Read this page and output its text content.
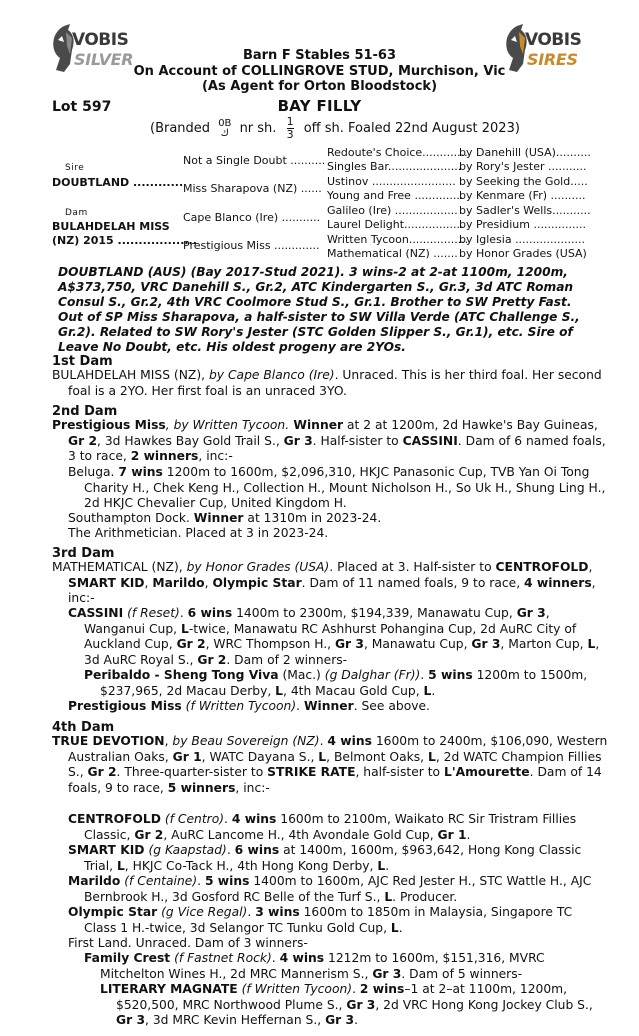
VOBIS
SILVER
VOBIS
SIRES
Barn F Stables 51-63
On Account of COLLINGROVE STUD, Murchison, Vic
(As Agent for Orton Bloodstock)
Lot 597	BAY FILLY
(Branded 0B
ك nr sh. $\frac{1}{3}$ off sh. Foaled 22nd August 2023)
Sire
DOUBTLAND ............
Dam
BULAHDELAH MISS
(NZ) 2015 ...................
Not a Single Doubt ..........
Miss Sharapova (NZ) ......
Cape Blanco (Ire) ...........
Prestigious Miss .............
Redoute's Choice.............
Singles Bar.....................
Ustinov ........................
Young and Free ..............
Galileo (Ire) ..................
Laurel Delight.................
Written Tycoon.................
Mathematical (NZ) .......
by Danehill (USA)..........
by Rory's Jester ...........
by Seeking the Gold.....
by Kenmare (Fr) ..........
by Sadler's Wells...........
by Presidium ...............
by Iglesia ....................
by Honor Grades (USA)
DOUBTLAND (AUS) (Bay 2017-Stud 2021). 3 wins-2 at 2-at 1100m, 1200m, A$373,750, VRC Danehill S., Gr.2, ATC Kindergarten S., Gr.3, 3d ATC Roman Consul S., Gr.2, 4th VRC Coolmore Stud S., Gr.1. Brother to SW Pretty Fast. Out of SP Miss Sharapova, a half-sister to SW Villa Verde (ATC Challenge S., Gr.2). Related to SW Rory's Jester (STC Golden Slipper S., Gr.1), etc. Sire of Leave No Doubt, etc. His oldest progeny are 2YOs.
1st Dam
BULAHDELAH MISS (NZ), by Cape Blanco (Ire). Unraced. This is her third foal. Her second foal is a 2YO. Her first foal is an unraced 3YO.
2nd Dam
Prestigious Miss, by Written Tycoon. Winner at 2 at 1200m, 2d Hawke's Bay Guineas, Gr 2, 3d Hawkes Bay Gold Trail S., Gr 3. Half-sister to CASSINI. Dam of 6 named foals, 3 to race, 2 winners, inc:-
Beluga. 7 wins 1200m to 1600m, $2,096,310, HKJC Panasonic Cup, TVB Yan Oi Tong Charity H., Chek Keng H., Collection H., Mount Nicholson H., So Uk H., Shung Ling H., 2d HKJC Chevalier Cup, United Kingdom H.
Southampton Dock. Winner at 1310m in 2023-24.
The Arithmetician. Placed at 3 in 2023-24.
3rd Dam
MATHEMATICAL (NZ), by Honor Grades (USA). Placed at 3. Half-sister to CENTROFOLD, SMART KID, Marildo, Olympic Star. Dam of 11 named foals, 9 to race, 4 winners, inc:-
CASSINI (f Reset). 6 wins 1400m to 2300m, $194,339, Manawatu Cup, Gr 3, Wanganui Cup, L-twice, Manawatu RC Ashhurst Pohangina Cup, 2d AuRC City of Auckland Cup, Gr 2, WRC Thompson H., Gr 3, Manawatu Cup, Gr 3, Marton Cup, L, 3d AuRC Royal S., Gr 2. Dam of 2 winners-
Peribaldo - Sheng Tong Viva (Mac.) (g Dalghar (Fr)). 5 wins 1200m to 1500m, $237,965, 2d Macau Derby, L, 4th Macau Gold Cup, L.
Prestigious Miss (f Written Tycoon). Winner. See above.
4th Dam
TRUE DEVOTION, by Beau Sovereign (NZ). 4 wins 1600m to 2400m, $106,090, Western Australian Oaks, Gr 1, WATC Dayana S., L, Belmont Oaks, L, 2d WATC Champion Fillies S., Gr 2. Three-quarter-sister to STRIKE RATE, half-sister to L'Amourette. Dam of 14 foals, 9 to race, 5 winners, inc:-
CENTROFOLD (f Centro). 4 wins 1600m to 2100m, Waikato RC Sir Tristram Fillies Classic, Gr 2, AuRC Lancome H., 4th Avondale Gold Cup, Gr 1.
SMART KID (g Kaapstad). 6 wins at 1400m, 1600m, $963,642, Hong Kong Classic Trial, L, HKJC Co-Tack H., 4th Hong Kong Derby, L.
Marildo (f Centaine). 5 wins 1400m to 1600m, AJC Red Jester H., STC Wattle H., AJC Bernbrook H., 3d Gosford RC Belle of the Turf S., L. Producer.
Olympic Star (g Vice Regal). 3 wins 1600m to 1850m in Malaysia, Singapore TC Class 1 H.-twice, 3d Selangor TC Tunku Gold Cup, L.
First Land. Unraced. Dam of 3 winners-
Family Crest (f Fastnet Rock). 4 wins 1212m to 1600m, $151,316, MVRC Mitchelton Wines H., 2d MRC Mannerism S., Gr 3. Dam of 5 winners-
LITERARY MAGNATE (f Written Tycoon). 2 wins–1 at 2–at 1100m, 1200m, $520,500, MRC Northwood Plume S., Gr 3, 2d VRC Hong Kong Jockey Club S., Gr 3, 3d MRC Kevin Heffernan S., Gr 3.
